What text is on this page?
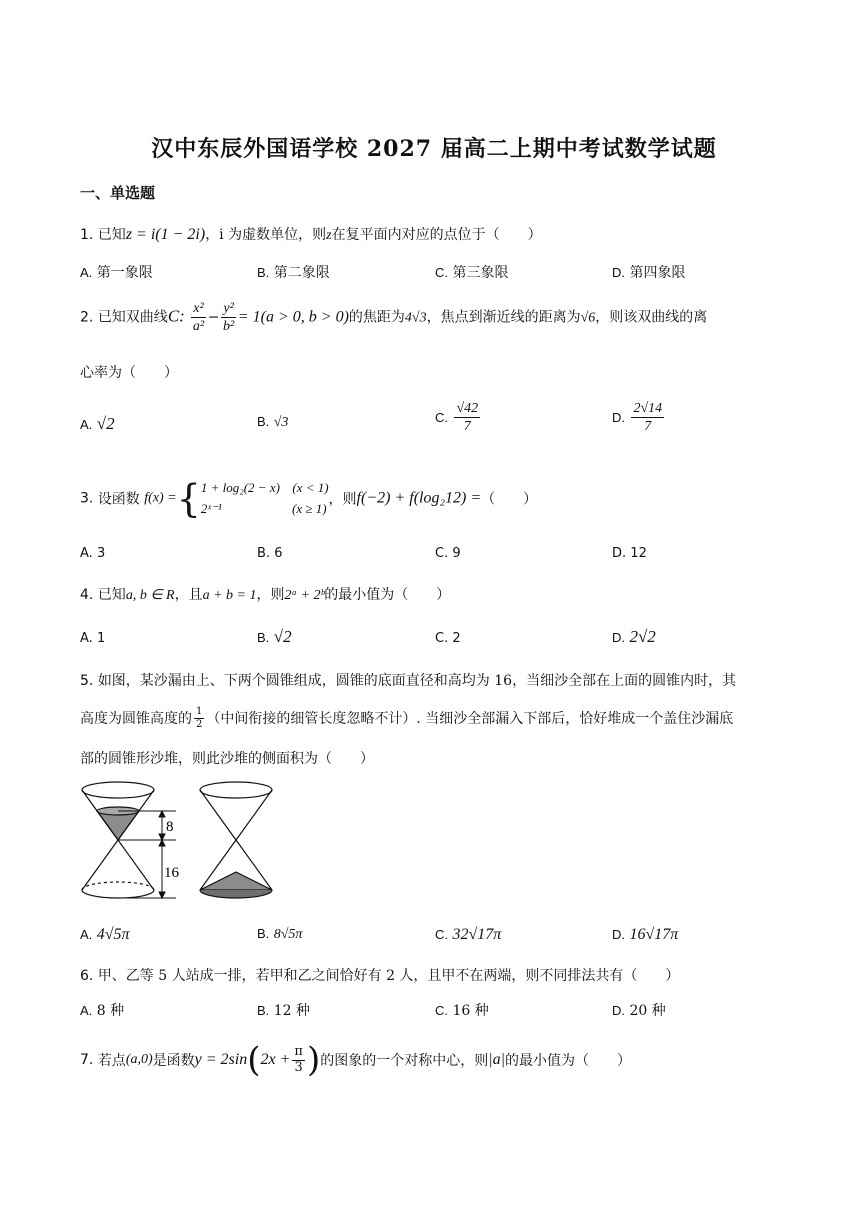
汉中东辰外国语学校 2027 届高二上期中考试数学试题
一、单选题
1. 已知z = i(1 − 2i)，i 为虚数单位，则z在复平面内对应的点位于（　　）
A. 第一象限	B. 第二象限	C. 第三象限	D. 第四象限
2. 已知双曲线C: $\frac{\text{x²}}{\text{a²}} - \frac{\text{y²}}{\text{b²}} = 1(a > 0$, b > 0)的焦距为4√3，焦点到渐近线的距离为√6，则该双曲线的离
心率为（　　）
A. √2	B. √3	C. $\frac{√42}{7}$	D. $\frac{2√14}{7}$
3. 设函数 f(x) ={ 1 + log₂(2 − x) (x < 1)
2ˣ⁻¹	(x ≥ 1)
，则f(−2) + f(log₂12) =（　　）
A. 3	B. 6	C. 9	D. 12
4. 已知a, b ∈ R，且a + b = 1，则2ᵃ + 2ᵇ的最小值为（　　）
A. 1	B. √2	C. 2	D. 2√2
5. 如图，某沙漏由上、下两个圆锥组成，圆锥的底面直径和高均为 16，当细沙全部在上面的圆锥内时，其
高度为圆锥高度的 $\frac{1}{2}$ （中间衔接的细管长度忽略不计）. 当细沙全部漏入下部后，恰好堆成一个盖住沙漏底
部的圆锥形沙堆，则此沙堆的侧面积为（　　）
8
16
A. 4√5π	B. 8√5π	C. 32√17π	D. 16√17π
6. 甲、乙等 5 人站成一排，若甲和乙之间恰好有 2 人，且甲不在两端，则不同排法共有（　　）
A. 8 种	B. 12 种	C. 16 种	D. 20 种
7. 若点(a,0)是函数$y = 2\sin(2x + \frac{\pi}{3}$ )的图象的一个对称中心，则|a|的最小值为（　　）
